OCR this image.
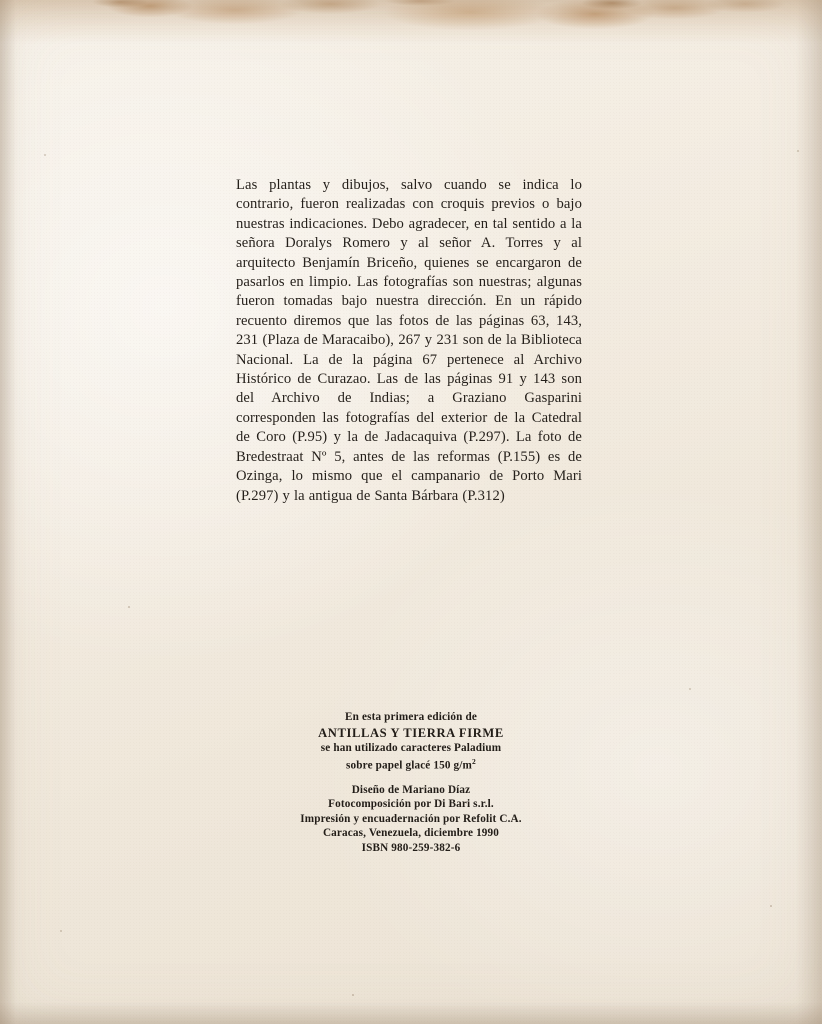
Las plantas y dibujos, salvo cuando se indica lo contrario, fueron realizadas con croquis previos o bajo nuestras indicaciones. Debo agradecer, en tal sentido a la señora Doralys Romero y al señor A. Torres y al arquitecto Benjamín Briceño, quienes se encargaron de pasarlos en limpio. Las fotografías son nuestras; algunas fueron tomadas bajo nuestra dirección. En un rápido recuento diremos que las fotos de las páginas 63, 143, 231 (Plaza de Maracaibo), 267 y 231 son de la Biblioteca Nacional. La de la página 67 pertenece al Archivo Histórico de Curazao. Las de las páginas 91 y 143 son del Archivo de Indias; a Graziano Gasparini corresponden las fotografías del exterior de la Catedral de Coro (P.95) y la de Jadacaquiva (P.297). La foto de Bredestraat Nº 5, antes de las reformas (P.155) es de Ozinga, lo mismo que el campanario de Porto Mari (P.297) y la antigua de Santa Bárbara (P.312)
En esta primera edición de
ANTILLAS Y TIERRA FIRME
se han utilizado caracteres Paladium
sobre papel glacé 150 $g/m^2$
Diseño de Mariano Díaz
Fotocomposición por Di Bari s.r.l.
Impresión y encuadernación por Refolit C.A.
Caracas, Venezuela, diciembre 1990
ISBN 980-259-382-6
